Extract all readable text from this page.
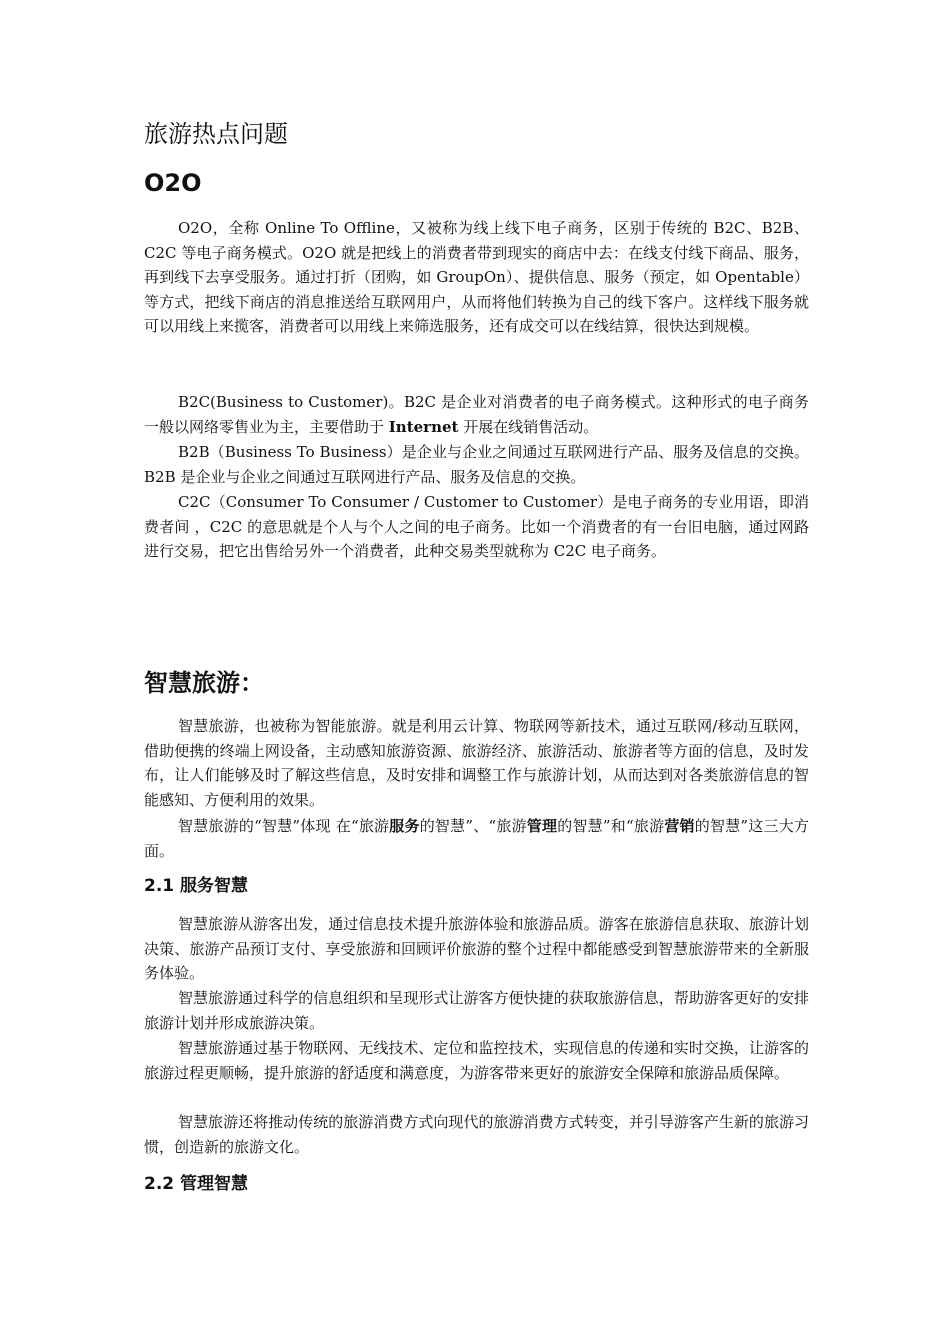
旅游热点问题
O2O

O2O，全称 Online To Offline，又被称为线上线下电子商务，区别于传统的 B2C、B2B、C2C 等电子商务模式。O2O 就是把线上的消费者带到现实的商店中去：在线支付线下商品、服务，再到线下去享受服务。通过打折（团购，如 GroupOn）、提供信息、服务（预定，如 Opentable）等方式，把线下商店的消息推送给互联网用户，从而将他们转换为自己的线下客户。这样线下服务就可以用线上来揽客，消费者可以用线上来筛选服务，还有成交可以在线结算，很快达到规模。

B2C(Business to Customer)。B2C 是企业对消费者的电子商务模式。这种形式的电子商务一般以网络零售业为主，主要借助于 Internet 开展在线销售活动。

B2B（Business To Business）是企业与企业之间通过互联网进行产品、服务及信息的交换。B2B 是企业与企业之间通过互联网进行产品、服务及信息的交换。

C2C（Consumer To Consumer / Customer to Customer）是电子商务的专业用语，即消费者间 ，C2C 的意思就是个人与个人之间的电子商务。比如一个消费者的有一台旧电脑，通过网路进行交易，把它出售给另外一个消费者，此种交易类型就称为 C2C 电子商务。

智慧旅游：

智慧旅游，也被称为智能旅游。就是利用云计算、物联网等新技术，通过互联网/移动互联网，借助便携的终端上网设备，主动感知旅游资源、旅游经济、旅游活动、旅游者等方面的信息，及时发布，让人们能够及时了解这些信息，及时安排和调整工作与旅游计划，从而达到对各类旅游信息的智能感知、方便利用的效果。

智慧旅游的“智慧”体现 在“旅游服务的智慧”、“旅游管理的智慧”和“旅游营销的智慧”这三大方面。

2.1 服务智慧

智慧旅游从游客出发，通过信息技术提升旅游体验和旅游品质。游客在旅游信息获取、旅游计划决策、旅游产品预订支付、享受旅游和回顾评价旅游的整个过程中都能感受到智慧旅游带来的全新服务体验。

智慧旅游通过科学的信息组织和呈现形式让游客方便快捷的获取旅游信息，帮助游客更好的安排旅游计划并形成旅游决策。

智慧旅游通过基于物联网、无线技术、定位和监控技术，实现信息的传递和实时交换，让游客的旅游过程更顺畅，提升旅游的舒适度和满意度，为游客带来更好的旅游安全保障和旅游品质保障。

智慧旅游还将推动传统的旅游消费方式向现代的旅游消费方式转变，并引导游客产生新的旅游习惯，创造新的旅游文化。

2.2 管理智慧
